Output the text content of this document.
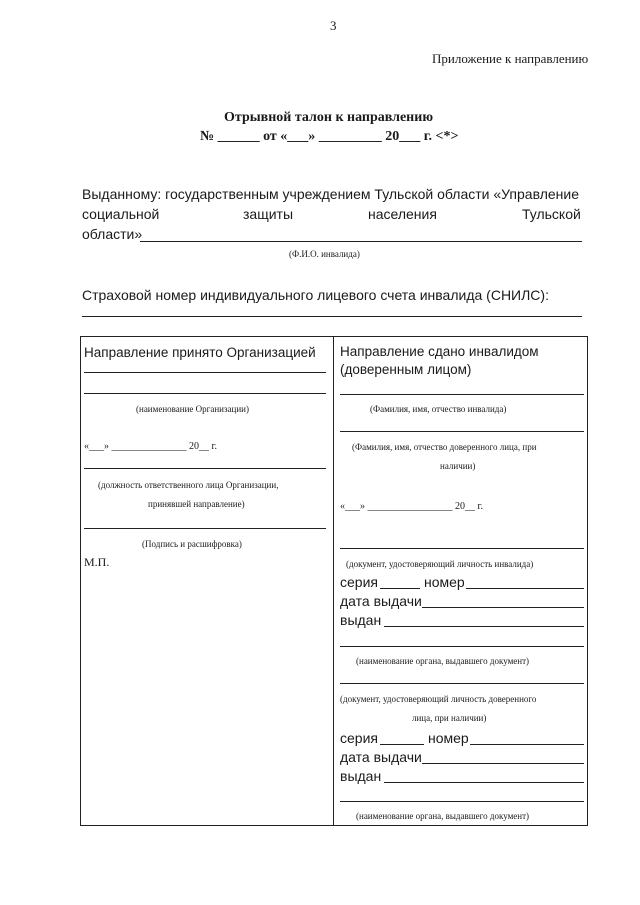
3
Приложение к направлению
Отрывной талон к направлению
№ ______ от «___» _________ 20___ г. <*>
Выданному: государственным учреждением Тульской области «Управление
социальной	защиты	населения	Тульской
области»
(Ф.И.О. инвалида)
Страховой номер индивидуального лицевого счета инвалида (СНИЛС):
Направление принято Организацией
(наименование Организации)
«___» _______________ 20__ г.
(должность ответственного лица Организации,
принявшей направление)
(Подпись и расшифровка)
М.П.
Направление сдано инвалидом
(доверенным лицом)
(Фамилия, имя, отчество инвалида)
(Фамилия, имя, отчество доверенного лица, при
наличии)
«___» _________________ 20__ г.
(документ, удостоверяющий личность инвалида)
серия	номер
дата выдачи
выдан
(наименование органа, выдавшего документ)
(документ, удостоверяющий личность доверенного
лица, при наличии)
серия	номер
дата выдачи
выдан
(наименование органа, выдавшего документ)
